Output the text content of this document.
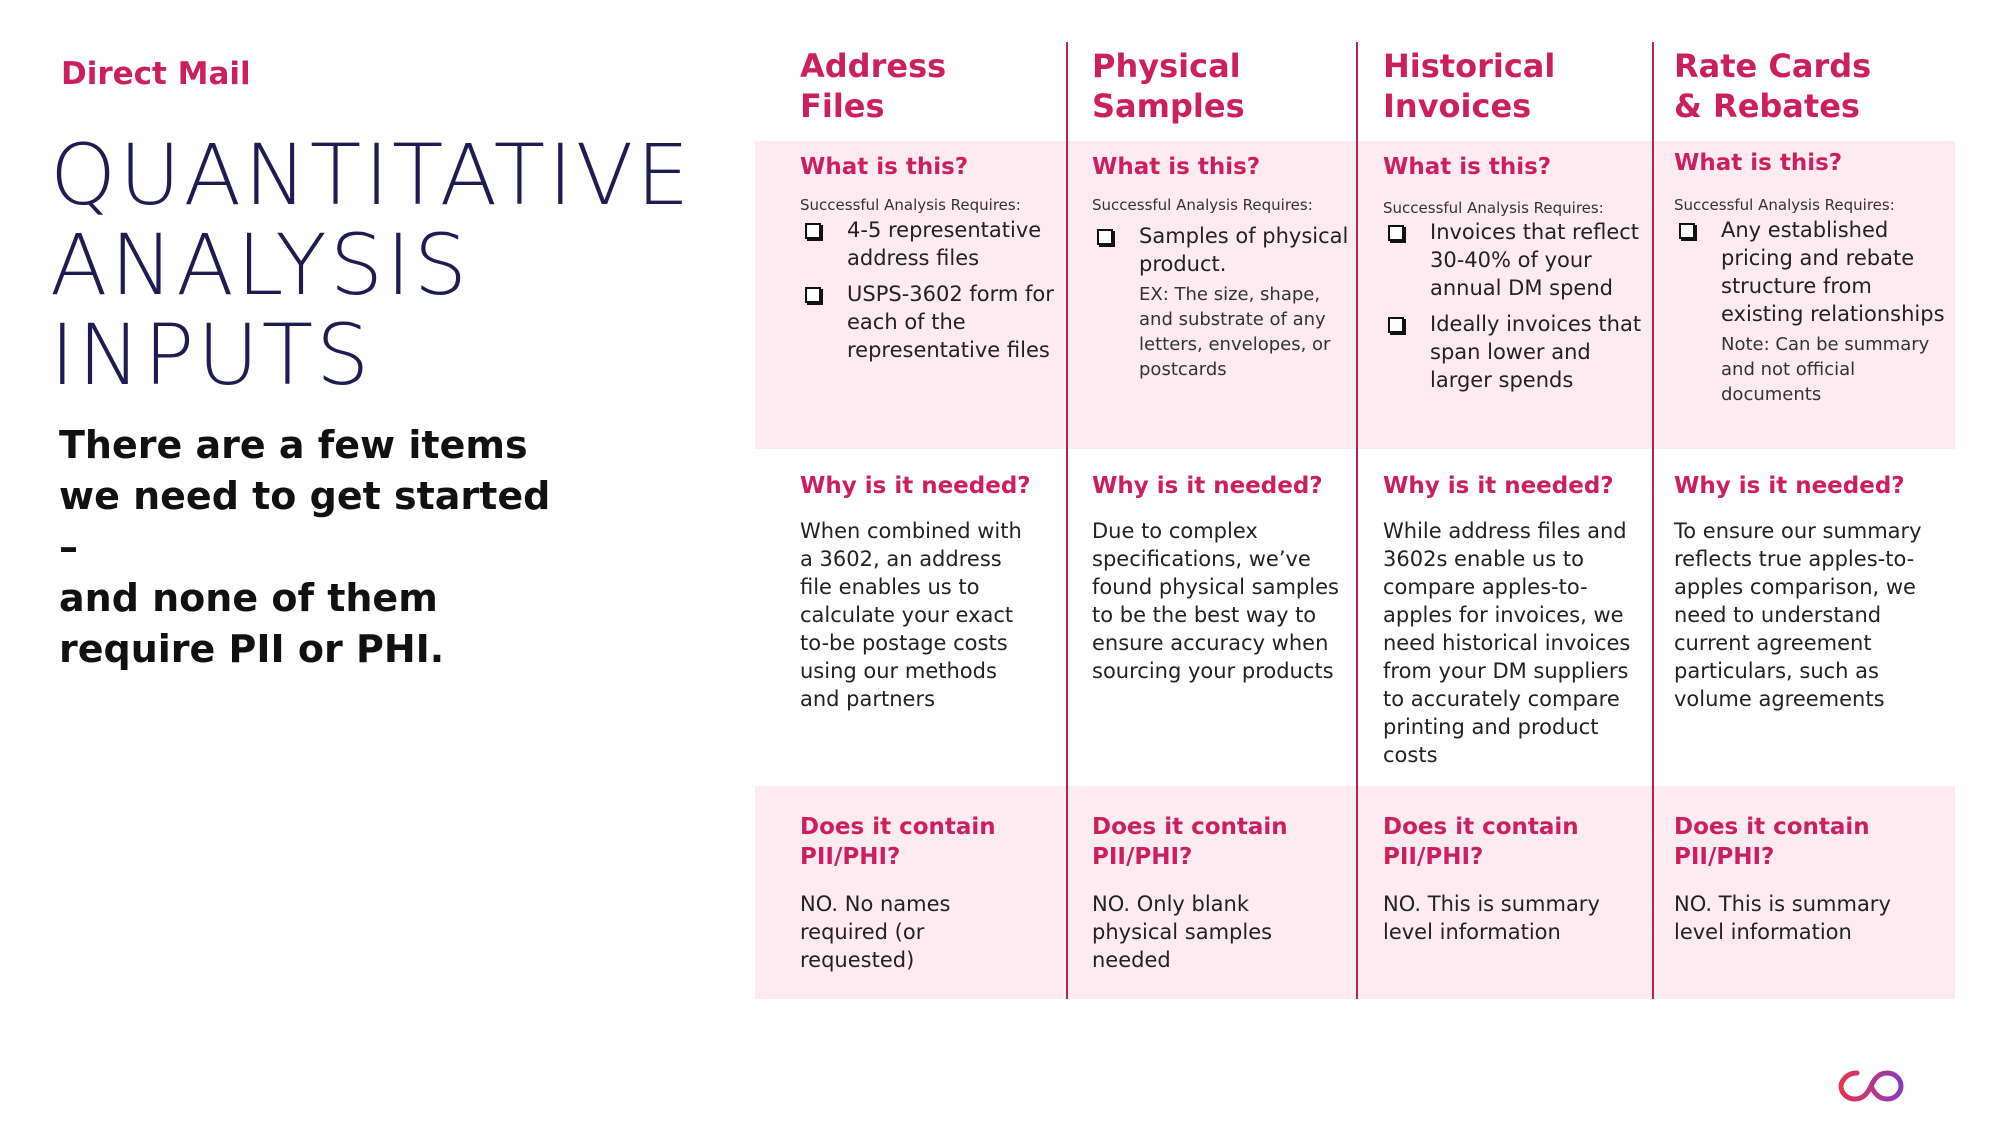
Direct Mail
QUANTITATIVE
ANALYSIS
INPUTS
There are a few items
we need to get started –
and none of them
require PII or PHI.
Address
Files
What is this?
Successful Analysis Requires:
4-5 representative address files
USPS-3602 form for each of the representative files
Why is it needed?
When combined with a 3602, an address file enables us to calculate your exact to-be postage costs using our methods and partners
Does it contain PII/PHI?
NO. No names required (or requested)
Physical
Samples
What is this?
Successful Analysis Requires:
Samples of physical product.
EX: The size, shape, and substrate of any letters, envelopes, or postcards
Why is it needed?
Due to complex specifications, we’ve found physical samples to be the best way to ensure accuracy when sourcing your products
Does it contain PII/PHI?
NO. Only blank physical samples needed
Historical
Invoices
What is this?
Successful Analysis Requires:
Invoices that reflect 30-40% of your annual DM spend
Ideally invoices that span lower and larger spends
Why is it needed?
While address files and 3602s enable us to compare apples-to-apples for invoices, we need historical invoices from your DM suppliers to accurately compare printing and product costs
Does it contain PII/PHI?
NO. This is summary level information
Rate Cards
& Rebates
What is this?
Successful Analysis Requires:
Any established pricing and rebate structure from existing relationships
Note: Can be summary and not official documents
Why is it needed?
To ensure our summary reflects true apples-to-apples comparison, we need to understand current agreement particulars, such as volume agreements
Does it contain PII/PHI?
NO. This is summary level information
